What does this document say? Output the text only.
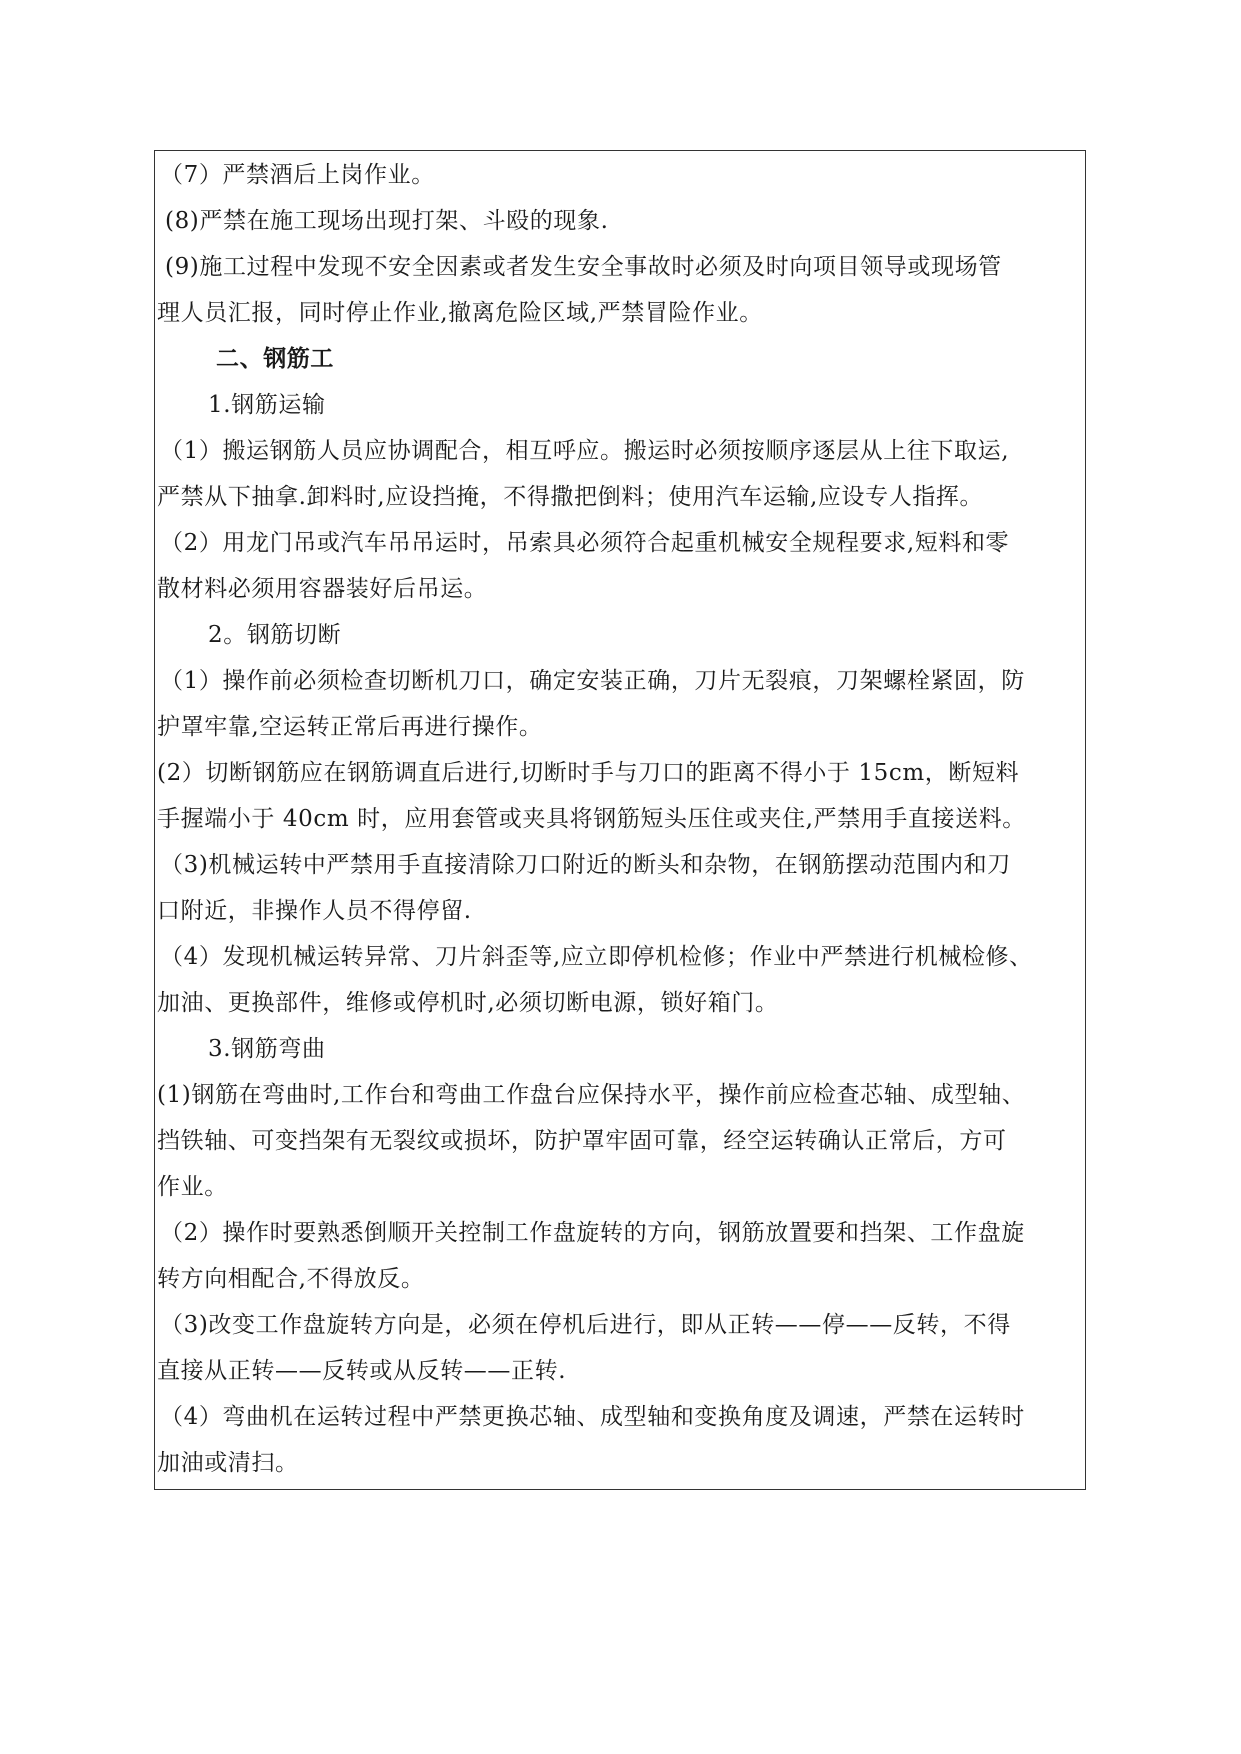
（7）严禁酒后上岗作业。
(8)严禁在施工现场出现打架、斗殴的现象.
(9)施工过程中发现不安全因素或者发生安全事故时必须及时向项目领导或现场管
理人员汇报，同时停止作业,撤离危险区域,严禁冒险作业。
二、钢筋工
1.钢筋运输
（1）搬运钢筋人员应协调配合，相互呼应。搬运时必须按顺序逐层从上往下取运,
严禁从下抽拿.卸料时,应设挡掩，不得撒把倒料；使用汽车运输,应设专人指挥。
（2）用龙门吊或汽车吊吊运时，吊索具必须符合起重机械安全规程要求,短料和零
散材料必须用容器装好后吊运。
2。钢筋切断
（1）操作前必须检查切断机刀口，确定安装正确，刀片无裂痕，刀架螺栓紧固，防
护罩牢靠,空运转正常后再进行操作。
(2）切断钢筋应在钢筋调直后进行,切断时手与刀口的距离不得小于 15cm，断短料
手握端小于 40cm 时，应用套管或夹具将钢筋短头压住或夹住,严禁用手直接送料。
（3)机械运转中严禁用手直接清除刀口附近的断头和杂物，在钢筋摆动范围内和刀
口附近，非操作人员不得停留.
（4）发现机械运转异常、刀片斜歪等,应立即停机检修；作业中严禁进行机械检修、
加油、更换部件，维修或停机时,必须切断电源，锁好箱门。
3.钢筋弯曲
(1)钢筋在弯曲时,工作台和弯曲工作盘台应保持水平，操作前应检查芯轴、成型轴、
挡铁轴、可变挡架有无裂纹或损坏，防护罩牢固可靠，经空运转确认正常后，方可
作业。
（2）操作时要熟悉倒顺开关控制工作盘旋转的方向，钢筋放置要和挡架、工作盘旋
转方向相配合,不得放反。
（3)改变工作盘旋转方向是，必须在停机后进行，即从正转——停——反转，不得
直接从正转——反转或从反转——正转.
（4）弯曲机在运转过程中严禁更换芯轴、成型轴和变换角度及调速，严禁在运转时
加油或清扫。
